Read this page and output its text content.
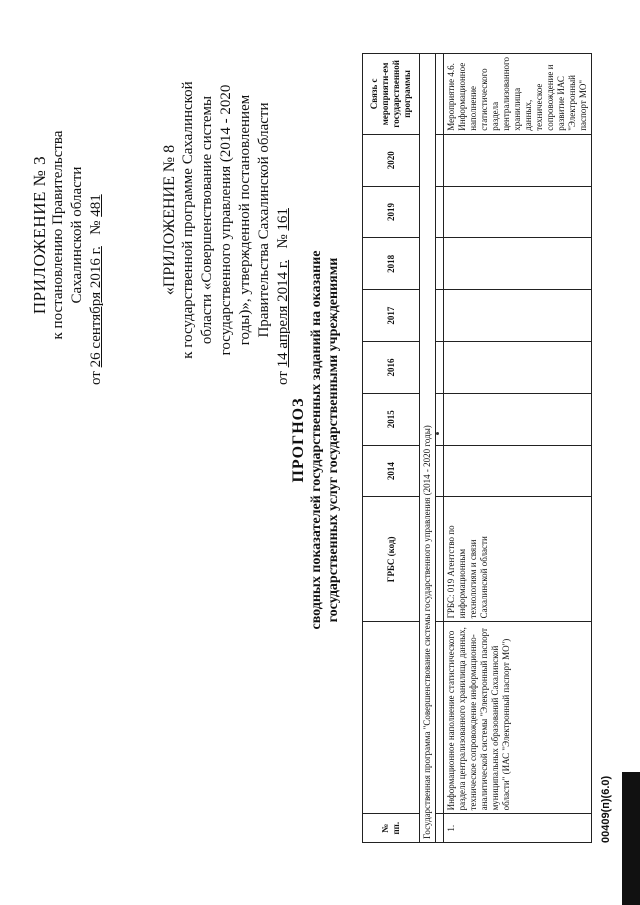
ПРИЛОЖЕНИЕ № 3 к постановлению Правительства Сахалинской области
от 26 сентября 2016 г.   № 481	«ПРИЛОЖЕНИЕ № 8 к государственной программе Сахалинской области «Совершенствование системы государственного управления (2014 - 2020 годы)», утвержденной постановлением Правительства Сахалинской области
от 14 апреля 2014 г.   № 161
ПРОГНОЗ сводных показателей государственных заданий на оказание государственных услуг государственными учреждениями
№ пп.		ГРБС (код)	2014	2015	2016	2017	2018	2019	2020	Связь с мероприяти-ем государственной программы
Государственная программа "Совершенствование системы государственного управления (2014 - 2020 годы)										

1.	Информационное наполнение статистического раздела централизованного хранилища данных, техническое сопровождение информационно-аналитической системы "Электронный паспорт муниципальных образований Сахалинской области" (ИАС "Электронный паспорт МО")	ГРБС: 019 Агентство по информационным технологиям и связи Сахалинской области								Мероприятие 4.6. Информационное наполнение статистического раздела централизованного хранилища данных, техническое сопровождение и развитие ИАС "Электронный паспорт МО"
00409(п)(6.0)
